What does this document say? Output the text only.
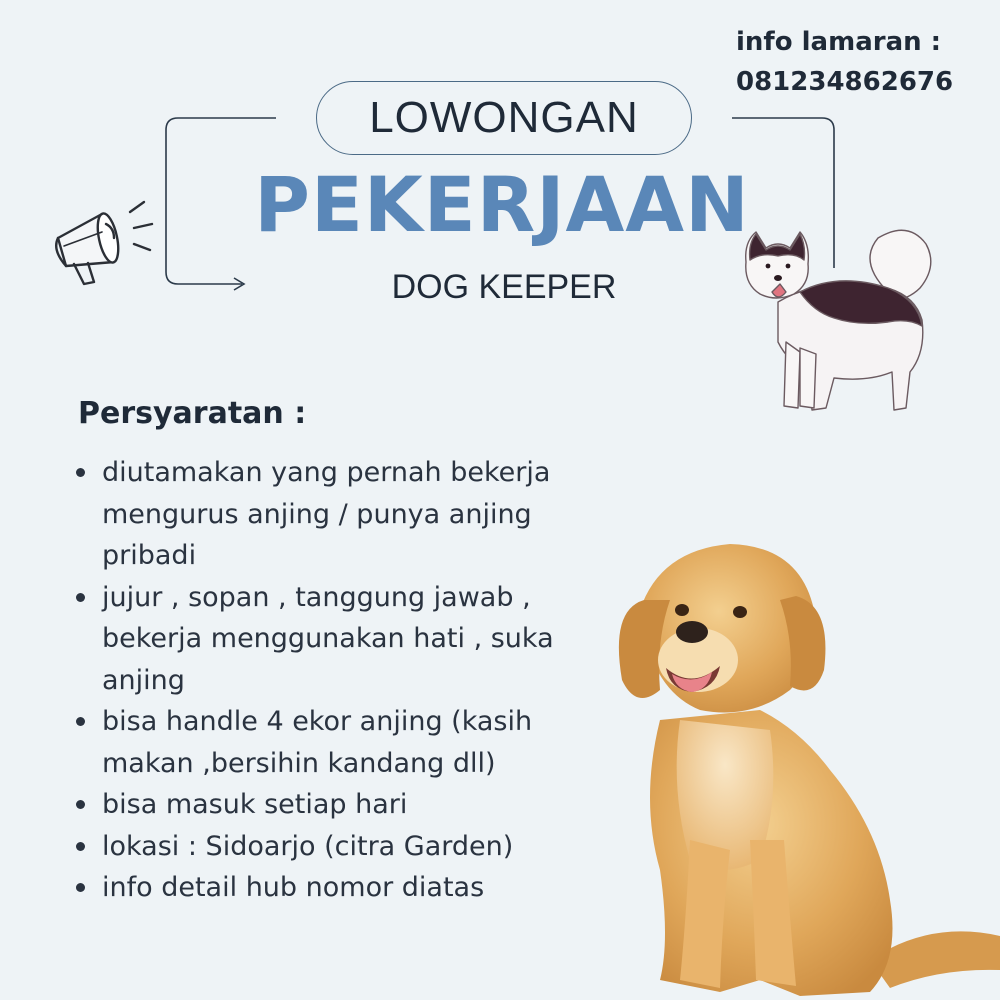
info lamaran :
081234862676
LOWONGAN
PEKERJAAN
DOG KEEPER
Persyaratan :
diutamakan yang pernah bekerja mengurus anjing / punya anjing pribadi
jujur , sopan , tanggung jawab , bekerja menggunakan hati , suka anjing
bisa handle 4 ekor anjing (kasih makan ,bersihin kandang dll)
bisa masuk setiap hari
lokasi : Sidoarjo (citra Garden)
info detail hub nomor diatas
